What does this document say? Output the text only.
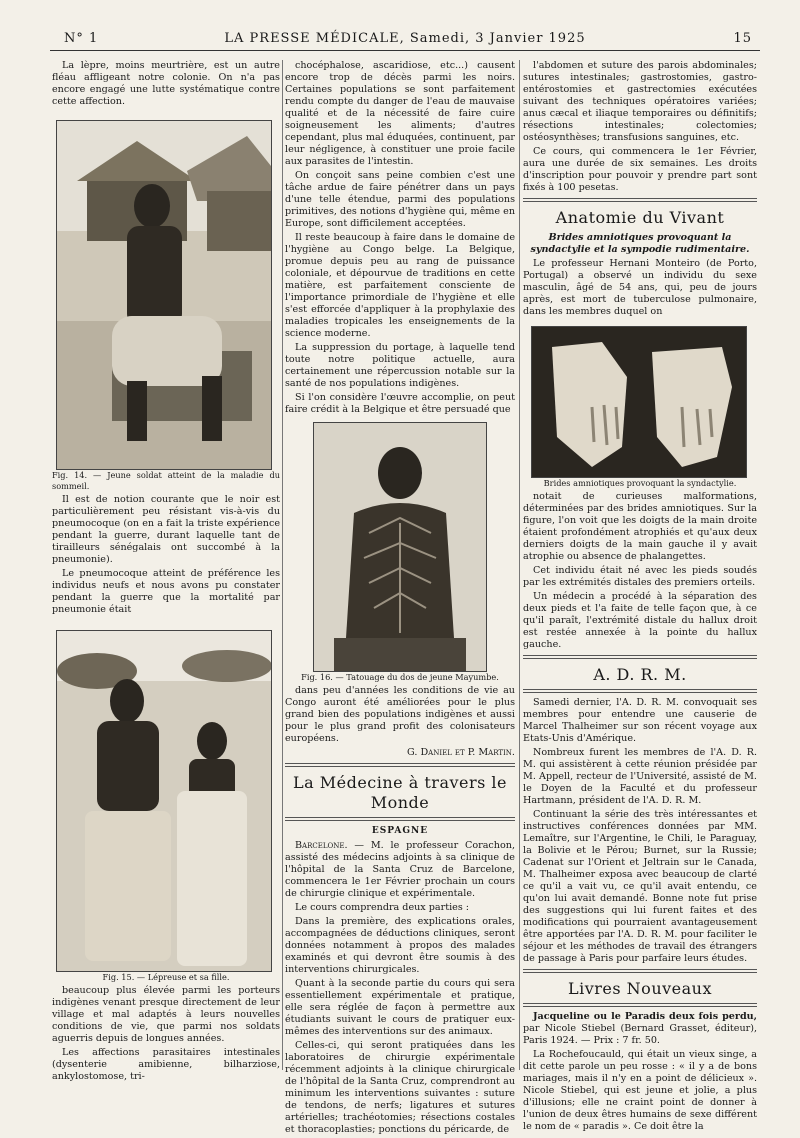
N° 1	LA PRESSE MÉDICALE, Samedi, 3 Janvier 1925	15

La lèpre, moins meurtrière, est un autre fléau affligeant notre colonie. On n'a pas encore engagé une lutte systématique contre cette affection.

Fig. 14. — Jeune soldat atteint de la maladie du sommeil.

Il est de notion courante que le noir est particulièrement peu résistant vis-à-vis du pneumocoque (on en a fait la triste expérience pendant la guerre, durant laquelle tant de tirailleurs sénégalais ont succombé à la pneumonie).

Le pneumocoque atteint de préférence les individus neufs et nous avons pu constater pendant la guerre que la mortalité par pneumonie était

Fig. 15. — Lépreuse et sa fille.

beaucoup plus élevée parmi les porteurs indigènes venant presque directement de leur village et mal adaptés à leurs nouvelles conditions de vie, que parmi nos soldats aguerris depuis de longues années.

Les affections parasitaires intestinales (dysenterie amibienne, bilharziose, ankylostomose, tri-

chocéphalose, ascaridiose, etc...) causent encore trop de décès parmi les noirs. Certaines populations se sont parfaitement rendu compte du danger de l'eau de mauvaise qualité et de la nécessité de faire cuire soigneusement les aliments; d'autres cependant, plus mal éduquées, continuent, par leur négligence, à constituer une proie facile aux parasites de l'intestin.

On conçoit sans peine combien c'est une tâche ardue de faire pénétrer dans un pays d'une telle étendue, parmi des populations primitives, des notions d'hygiène qui, même en Europe, sont difficilement acceptées.

Il reste beaucoup à faire dans le domaine de l'hygiène au Congo belge. La Belgique, promue depuis peu au rang de puissance coloniale, et dépourvue de traditions en cette matière, est parfaitement consciente de l'importance primordiale de l'hygiène et elle s'est efforcée d'appliquer à la prophylaxie des maladies tropicales les enseignements de la science moderne.

La suppression du portage, à laquelle tend toute notre politique actuelle, aura certainement une répercussion notable sur la santé de nos populations indigènes.

Si l'on considère l'œuvre accomplie, on peut faire crédit à la Belgique et être persuadé que

Fig. 16. — Tatouage du dos de jeune Mayumbe.

dans peu d'années les conditions de vie au Congo auront été améliorées pour le plus grand bien des populations indigènes et aussi pour le plus grand profit des colonisateurs européens.

G. Daniel et P. Martin.

La Médecine à travers le Monde
ESPAGNE

Barcelone. — M. le professeur Corachon, assisté des médecins adjoints à sa clinique de l'hôpital de la Santa Cruz de Barcelone, commencera le 1er Février prochain un cours de chirurgie clinique et expérimentale.

Le cours comprendra deux parties :

Dans la première, des explications orales, accompagnées de déductions cliniques, seront données notamment à propos des malades examinés et qui devront être soumis à des interventions chirurgicales.

Quant à la seconde partie du cours qui sera essentiellement expérimentale et pratique, elle sera réglée de façon à permettre aux étudiants suivant le cours de pratiquer eux-mêmes des interventions sur des animaux.

Celles-ci, qui seront pratiquées dans les laboratoires de chirurgie expérimentale récemment adjoints à la clinique chirurgicale de l'hôpital de la Santa Cruz, comprendront au minimum les interventions suivantes : suture de tendons, de nerfs; ligatures et sutures artérielles; trachéotomies; résections costales et thoracoplasties; ponctions du péricarde, de

l'abdomen et suture des parois abdominales; sutures intestinales; gastrostomies, gastro-entérostomies et gastrectomies exécutées suivant des techniques opératoires variées; anus cæcal et iliaque temporaires ou définitifs; résections intestinales; colectomies; ostéosynthèses; transfusions sanguines, etc.

Ce cours, qui commencera le 1er Février, aura une durée de six semaines. Les droits d'inscription pour pouvoir y prendre part sont fixés à 100 pesetas.

Anatomie du Vivant

Brides amniotiques provoquant la syndactylie et la sympodie rudimentaire.

Le professeur Hernani Monteiro (de Porto, Portugal) a observé un individu du sexe masculin, âgé de 54 ans, qui, peu de jours après, est mort de tuberculose pulmonaire, dans les membres duquel on

Brides amniotiques provoquant la syndactylie.

notait de curieuses malformations, déterminées par des brides amniotiques. Sur la figure, l'on voit que les doigts de la main droite étaient profondément atrophiés et qu'aux deux derniers doigts de la main gauche il y avait atrophie ou absence de phalangettes.

Cet individu était né avec les pieds soudés par les extrémités distales des premiers orteils.

Un médecin a procédé à la séparation des deux pieds et l'a faite de telle façon que, à ce qu'il paraît, l'extrémité distale du hallux droit est restée annexée à la pointe du hallux gauche.

A. D. R. M.

Samedi dernier, l'A. D. R. M. convoquait ses membres pour entendre une causerie de Marcel Thalheimer sur son récent voyage aux Etats-Unis d'Amérique.

Nombreux furent les membres de l'A. D. R. M. qui assistèrent à cette réunion présidée par M. Appell, recteur de l'Université, assisté de M. le Doyen de la Faculté et du professeur Hartmann, président de l'A. D. R. M.

Continuant la série des très intéressantes et instructives conférences données par MM. Lemaître, sur l'Argentine, le Chili, le Paraguay, la Bolivie et le Pérou; Burnet, sur la Russie; Cadenat sur l'Orient et Jeltrain sur le Canada, M. Thalheimer exposa avec beaucoup de clarté ce qu'il a vait vu, ce qu'il avait entendu, ce qu'on lui avait demandé. Bonne note fut prise des suggestions qui lui furent faites et des modifications qui pourraient avantageusement être apportées par l'A. D. R. M. pour faciliter le séjour et les méthodes de travail des étrangers de passage à Paris pour parfaire leurs études.

Livres Nouveaux

Jacqueline ou le Paradis deux fois perdu, par Nicole Stiebel (Bernard Grasset, éditeur), Paris 1924. — Prix : 7 fr. 50.

La Rochefoucauld, qui était un vieux singe, a dit cette parole un peu rosse : « il y a de bons mariages, mais il n'y en a point de délicieux ». Nicole Stiebel, qui est jeune et jolie, a plus d'illusions; elle ne craint point de donner à l'union de deux êtres humains de sexe différent le nom de « paradis ». Ce doit être la
